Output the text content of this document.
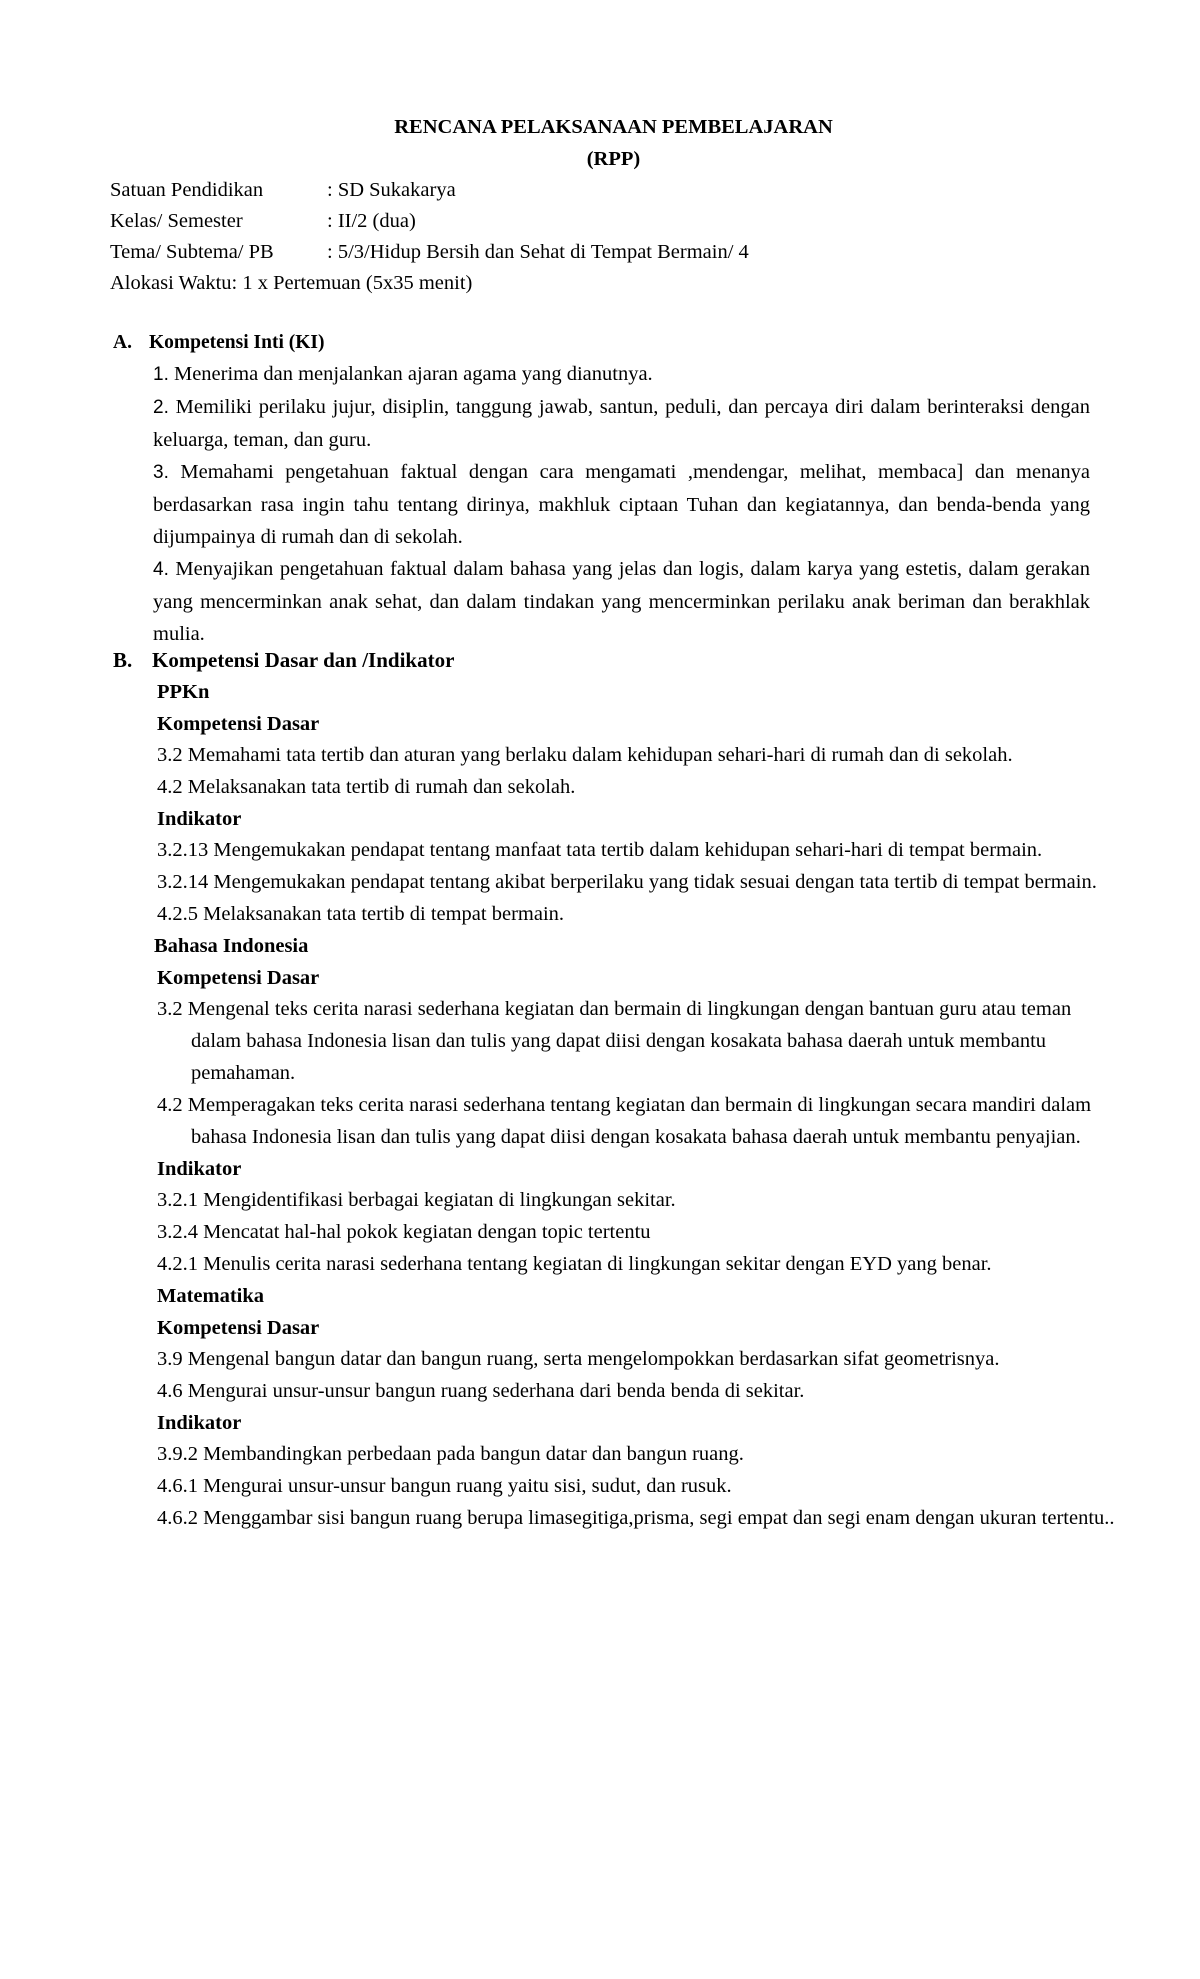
RENCANA PELAKSANAAN PEMBELAJARAN

(RPP)

Satuan Pendidikan	: SD Sukakarya
Kelas/ Semester	: II/2 (dua)
Tema/ Subtema/ PB	: 5/3/Hidup Bersih dan Sehat di Tempat Bermain/ 4
Alokasi Waktu: 1 x Pertemuan (5x35 menit)
A. Kompetensi Inti (KI)
1. Menerima dan menjalankan ajaran agama yang dianutnya.
2. Memiliki perilaku jujur, disiplin, tanggung jawab, santun, peduli, dan percaya diri dalam berinteraksi dengan keluarga, teman, dan guru.
3. Memahami pengetahuan faktual dengan cara mengamati ,mendengar, melihat, membaca] dan menanya berdasarkan rasa ingin tahu tentang dirinya, makhluk ciptaan Tuhan dan kegiatannya, dan benda-benda yang dijumpainya di rumah dan di sekolah.
4. Menyajikan pengetahuan faktual dalam bahasa yang jelas dan logis, dalam karya yang estetis, dalam gerakan yang mencerminkan anak sehat, dan dalam tindakan yang mencerminkan perilaku anak beriman dan berakhlak mulia.
B. Kompetensi Dasar dan /Indikator
PPKn
Kompetensi Dasar
3.2 Memahami tata tertib dan aturan yang berlaku dalam kehidupan sehari-hari di rumah dan di sekolah.
4.2 Melaksanakan tata tertib di rumah dan sekolah.
Indikator
3.2.13 Mengemukakan pendapat tentang manfaat tata tertib dalam kehidupan sehari-hari di tempat bermain.
3.2.14 Mengemukakan pendapat tentang akibat berperilaku yang tidak sesuai dengan tata tertib di tempat bermain.
4.2.5 Melaksanakan tata tertib di tempat bermain.
Bahasa Indonesia
Kompetensi Dasar
3.2 Mengenal teks cerita narasi sederhana kegiatan dan bermain di lingkungan dengan bantuan guru atau teman dalam bahasa Indonesia lisan dan tulis yang dapat diisi dengan kosakata bahasa daerah untuk membantu pemahaman.
4.2 Memperagakan teks cerita narasi sederhana tentang kegiatan dan bermain di lingkungan secara mandiri dalam bahasa Indonesia lisan dan tulis yang dapat diisi dengan kosakata bahasa daerah untuk membantu penyajian.
Indikator
3.2.1 Mengidentifikasi berbagai kegiatan di lingkungan sekitar.
3.2.4 Mencatat hal-hal pokok kegiatan dengan topic tertentu
4.2.1 Menulis cerita narasi sederhana tentang kegiatan di lingkungan sekitar dengan EYD yang benar.
Matematika
Kompetensi Dasar
3.9 Mengenal bangun datar dan bangun ruang, serta mengelompokkan berdasarkan sifat geometrisnya.
4.6 Mengurai unsur-unsur bangun ruang sederhana dari benda benda di sekitar.
Indikator
3.9.2 Membandingkan perbedaan pada bangun datar dan bangun ruang.
4.6.1 Mengurai unsur-unsur bangun ruang yaitu sisi, sudut, dan rusuk.
4.6.2 Menggambar sisi bangun ruang berupa limasegitiga,prisma, segi empat dan segi enam dengan ukuran tertentu..
